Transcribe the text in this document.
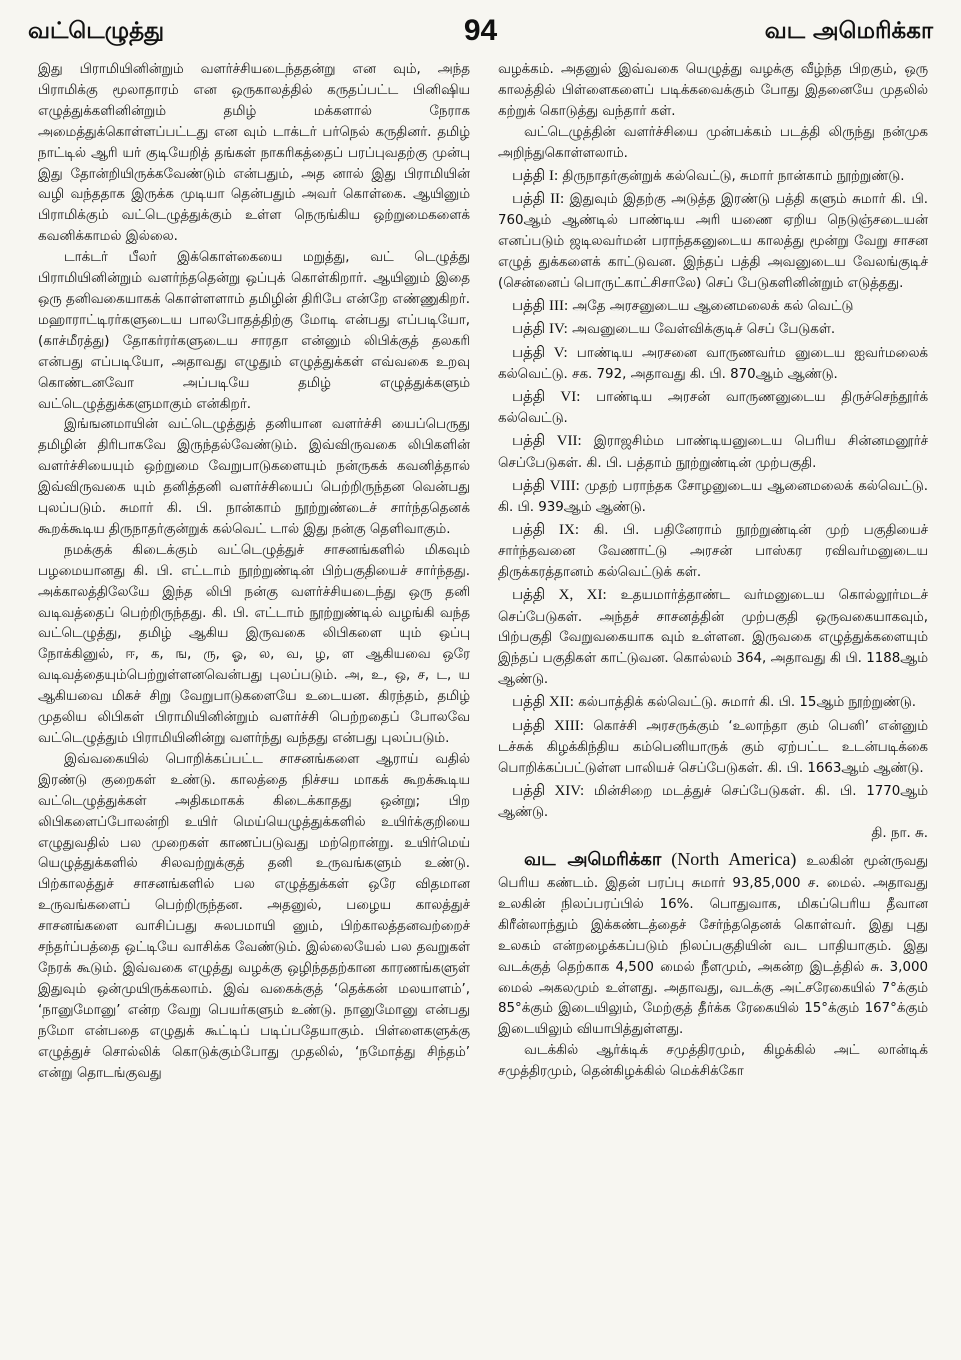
வட்டெழுத்து	94	வட அமெரிக்கா

இது பிராமியினின்றும் வளர்ச்சியடைந்ததன்று என வும், அந்த பிராமிக்கு மூலாதாரம் என ஒருகாலத்தில் கருதப்பட்ட பினிஷிய எழுத்துக்களினின்றும் தமிழ் மக்களால் நேராக அமைத்துக்கொள்ளப்பட்டது என வும் டாக்டர் பர்நெல் கருதினர். தமிழ் நாட்டில் ஆரி யர் குடியேறித் தங்கள் நாகரிகத்தைப் பரப்புவதற்கு முன்பு இது தோன்றியிருக்கவேண்டும் என்பதும், அத னால் இது பிராமியின் வழி வந்ததாக இருக்க முடியா தென்பதும் அவர் கொள்கை. ஆயினும் பிராமிக்கும் வட்டெழுத்துக்கும் உள்ள நெருங்கிய ஒற்றுமைகளைக் கவனிக்காமல் இல்லை.

டாக்டர் பீலர் இக்கொள்கையை மறுத்து, வட் டெழுத்து பிராமியினின்றும் வளர்ந்ததென்று ஒப்புக் கொள்கிறார். ஆயினும் இதை ஒரு தனிவகையாகக் கொள்ளளாம் தமிழின் திரிபே என்றே எண்ணுகிறர். மஹாராட்டிரர்களுடைய பாலபோதத்திற்கு மோடி என்பது எப்படியோ, (காச்மீரத்து) தோகர்ரர்களுடைய சாரதா என்னும் லிபிக்குத் தலகரி என்பது எப்படியோ, அதாவது எழுதும் எழுத்துக்கள் எவ்வகை உறவு கொண்டனவோ அப்படியே தமிழ் எழுத்துக்களும் வட்டெழுத்துக்களுமாகும் என்கிறர்.

இங்ஙனமாயின் வட்டெழுத்துத் தனியான வளர்ச்சி யைப்பெருது தமிழின் திரிபாகவே இருந்தல்வேண்டும். இவ்விருவகை லிபிகளின் வளர்ச்சியையும் ஒற்றுமை வேறுபாடுகளையும் நன்ருகக் கவனித்தால் இவ்விருவகை யும் தனித்தனி வளர்ச்சியைப் பெற்றிருந்தன வென்பது புலப்படும். சுமார் கி. பி. நான்காம் நூற்றுண்டைச் சார்ந்ததெனக் கூறக்கூடிய திருநாதர்குன்றுக் கல்வெட் டால் இது நன்கு தெளிவாகும்.

நமக்குக் கிடைக்கும் வட்டெழுத்துச் சாசனங்களில் மிகவும் பழமையானது கி. பி. எட்டாம் நூற்றுண்டின் பிற்பகுதியைச் சார்ந்தது. அக்காலத்திலேயே இந்த லிபி நன்கு வளர்ச்சியடைந்து ஒரு தனி வடிவத்தைப் பெற்றிருந்தது. கி. பி. எட்டாம் நூற்றுண்டில் வழங்கி வந்த வட்டெழுத்து, தமிழ் ஆகிய இருவகை லிபிகளை யும் ஒப்பு நோக்கினுல், ஈ, க, ங, ரு, ஓ, ல, வ, ழ, ள ஆகியவை ஒரே வடிவத்தையும்பெற்றுள்ளனவென்பது புலப்படும். அ, உ, ஒ, ச, ட, ய ஆகியவை மிகச் சிறு வேறுபாடுகளையே உடையன. கிரந்தம், தமிழ் முதலிய லிபிகள் பிராமியினின்றும் வளர்ச்சி பெற்றதைப் போலவே வட்டெழுத்தும் பிராமியினின்று வளர்ந்து வந்தது என்பது புலப்படும்.

இவ்வகையில் பொறிக்கப்பட்ட சாசனங்களை ஆராய் வதில் இரண்டு குறைகள் உண்டு. காலத்தை நிச்சய மாகக் கூறக்கூடிய வட்டெழுத்துக்கள் அதிகமாகக் கிடைக்காதது ஒன்று; பிற லிபிகளைப்போலன்றி உயிர் மெய்யெழுத்துக்களில் உயிர்க்குறியை எழுதுவதில் பல முறைகள் காணப்படுவது மற்றொன்று. உயிர்மெய் யெழுத்துக்களில் சிலவற்றுக்குத் தனி உருவங்களும் உண்டு. பிற்காலத்துச் சாசனங்களில் பல எழுத்துக்கள் ஒரே விதமான உருவங்களைப் பெற்றிருந்தன. அதனுல், பழைய காலத்துச் சாசனங்களை வாசிப்பது சுலபமாயி னும், பிற்காலத்தனவற்றைச் சந்தர்ப்பத்தை ஒட்டியே வாசிக்க வேண்டும். இல்லையேல் பல தவறுகள் நேரக் கூடும். இவ்வகை எழுத்து வழக்கு ஒழிந்ததற்கான காரணங்களுள் இதுவும் ஒன்முயிருக்கலாம். இவ் வகைக்குத் ‘தெக்கன் மலயாளம்’, ‘நானுமோனு’ என்ற வேறு பெயர்களும் உண்டு. நானுமோனு என்பது நமோ என்பதை எழுதுக் கூட்டிப் படிப்பதேயாகும். பிள்ளைகளுக்கு எழுத்துச் சொல்லிக் கொடுக்கும்போது முதலில், ‘நமோத்து சிந்தம்’ என்று தொடங்குவது

வழக்கம். அதனுல் இவ்வகை யெழுத்து வழக்கு வீழ்ந்த பிறகும், ஒரு காலத்தில் பிள்ளைகளைப் படிக்கவைக்கும் போது இதனையே முதலில் கற்றுக் கொடுத்து வந்தார் கள்.

வட்டெழுத்தின் வளர்ச்சியை முன்பக்கம் படத்தி லிருந்து நன்முக அறிந்துகொள்ளலாம்.

பத்தி I: திருநாதர்குன்றுக் கல்வெட்டு, சுமார் நான்காம் நூற்றுண்டு.

பத்தி II: இதுவும் இதற்கு அடுத்த இரண்டு பத்தி களும் சுமார் கி. பி. 760ஆம் ஆண்டில் பாண்டிய அரி யணை ஏறிய நெடுஞ்சடையன் எனப்படும் ஜடிலவர்மன் பராந்தகனுடைய காலத்து மூன்று வேறு சாசன எழுத் துக்களைக் காட்டுவன. இந்தப் பத்தி அவனுடைய வேலங்குடிச் (சென்னைப் பொருட்காட்சிசாலே) செப் பேடுகளினின்றும் எடுத்தது.

பத்தி III: அதே அரசனுடைய ஆனைமலைக் கல் வெட்டு

பத்தி IV: அவனுடைய வேள்விக்குடிச் செப் பேடுகள்.

பத்தி V: பாண்டிய அரசனை வாருணவர்ம னுடைய ஐவர்மலைக் கல்வெட்டு. சக. 792, அதாவது கி. பி. 870ஆம் ஆண்டு.

பத்தி VI: பாண்டிய அரசன் வாருணனுடைய திருச்செந்தூர்க் கல்வெட்டு.

பத்தி VII: இராஜசிம்ம பாண்டியனுடைய பெரிய சின்னமனூர்ச் செப்பேடுகள். கி. பி. பத்தாம் நூற்றுண்டின் முற்பகுதி.

பத்தி VIII: முதற் பராந்தக சோழனுடைய ஆனைமலைக் கல்வெட்டு. கி. பி. 939ஆம் ஆண்டு.

பத்தி IX: கி. பி. பதினேராம் நூற்றுண்டின் முற் பகுதியைச் சார்ந்தவனை வேணாட்டு அரசன் பாஸ்கர ரவிவர்மனுடைய திருக்கரத்தானம் கல்வெட்டுக் கள்.

பத்தி X, XI: உதயமார்த்தாண்ட வர்மனுடைய கொல்லூர்மடச் செப்பேடுகள். அந்தச் சாசனத்தின் முற்பகுதி ஒருவகையாகவும், பிற்பகுதி வேறுவகையாக வும் உள்ளன. இருவகை எழுத்துக்களையும் இந்தப் பகுதிகள் காட்டுவன. கொல்லம் 364, அதாவது கி பி. 1188ஆம் ஆண்டு.

பத்தி XII: கல்பாத்திக் கல்வெட்டு. சுமார் கி. பி. 15ஆம் நூற்றுண்டு.

பத்தி XIII: கொச்சி அரசருக்கும் ‘உலாந்தா கும் பெனி’ என்னும் டச்சுக் கிழக்கிந்திய கம்பெனியாருக் கும் ஏற்பட்ட உடன்படிக்கை பொறிக்கப்பட்டுள்ள பாலியச் செப்பேடுகள். கி. பி. 1663ஆம் ஆண்டு.

பத்தி XIV: மின்சிறை மடத்துச் செப்பேடுகள். கி. பி. 1770ஆம் ஆண்டு.

தி. நா. சு.

வட அமெரிக்கா (North America) உலகின் மூன்ருவது பெரிய கண்டம். இதன் பரப்பு சுமார் 93,85,000 ச. மைல். அதாவது உலகின் நிலப்பரப்பில் 16%. பொதுவாக, மிகப்பெரிய தீவான கிரீன்லாந்தும் இக்கண்டத்தைச் சேர்ந்ததெனக் கொள்வர். இது புது உலகம் என்றழைக்கப்படும் நிலப்பகுதியின் வட பாதியாகும். இது வடக்குத் தெற்காக 4,500 மைல் நீளமும், அகன்ற இடத்தில் சு. 3,000 மைல் அகலமும் உள்ளது. அதாவது, வடக்கு அட்சரேகையில் 7°க்கும் 85°க்கும் இடையிலும், மேற்குத் தீர்க்க ரேகையில் 15°க்கும் 167°க்கும் இடையிலும் வியாபித்துள்ளது.

வடக்கில் ஆர்க்டிக் சமுத்திரமும், கிழக்கில் அட் லான்டிக் சமுத்திரமும், தென்கிழக்கில் மெக்சிக்கோ
